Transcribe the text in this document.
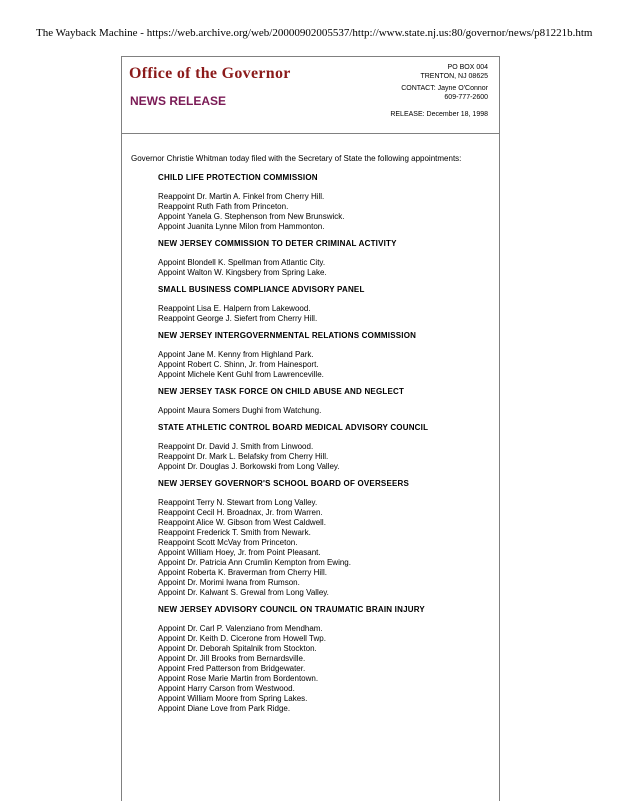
The Wayback Machine - https://web.archive.org/web/20000902005537/http://www.state.nj.us:80/governor/news/p81221b.htm
Office of the Governor
NEWS RELEASE
PO BOX 004
TRENTON, NJ 08625
CONTACT: Jayne O'Connor
609-777-2600
RELEASE: December 18, 1998

Governor Christie Whitman today filed with the Secretary of State the following appointments:

CHILD LIFE PROTECTION COMMISSION
Reappoint Dr. Martin A. Finkel from Cherry Hill.
Reappoint Ruth Fath from Princeton.
Appoint Yanela G. Stephenson from New Brunswick.
Appoint Juanita Lynne Milon from Hammonton.
NEW JERSEY COMMISSION TO DETER CRIMINAL ACTIVITY
Appoint Blondell K. Spellman from Atlantic City.
Appoint Walton W. Kingsbery from Spring Lake.
SMALL BUSINESS COMPLIANCE ADVISORY PANEL
Reappoint Lisa E. Halpern from Lakewood.
Reappoint George J. Siefert from Cherry Hill.
NEW JERSEY INTERGOVERNMENTAL RELATIONS COMMISSION
Appoint Jane M. Kenny from Highland Park.
Appoint Robert C. Shinn, Jr. from Hainesport.
Appoint Michele Kent Guhl from Lawrenceville.
NEW JERSEY TASK FORCE ON CHILD ABUSE AND NEGLECT
Appoint Maura Somers Dughi from Watchung.
STATE ATHLETIC CONTROL BOARD MEDICAL ADVISORY COUNCIL
Reappoint Dr. David J. Smith from Linwood.
Reappoint Dr. Mark L. Belafsky from Cherry Hill.
Appoint Dr. Douglas J. Borkowski from Long Valley.
NEW JERSEY GOVERNOR'S SCHOOL BOARD OF OVERSEERS
Reappoint Terry N. Stewart from Long Valley.
Reappoint Cecil H. Broadnax, Jr. from Warren.
Reappoint Alice W. Gibson from West Caldwell.
Reappoint Frederick T. Smith from Newark.
Reappoint Scott McVay from Princeton.
Appoint William Hoey, Jr. from Point Pleasant.
Appoint Dr. Patricia Ann Crumlin Kempton from Ewing.
Appoint Roberta K. Braverman from Cherry Hill.
Appoint Dr. Morimi Iwana from Rumson.
Appoint Dr. Kalwant S. Grewal from Long Valley.
NEW JERSEY ADVISORY COUNCIL ON TRAUMATIC BRAIN INJURY
Appoint Dr. Carl P. Valenziano from Mendham.
Appoint Dr. Keith D. Cicerone from Howell Twp.
Appoint Dr. Deborah Spitalnik from Stockton.
Appoint Dr. Jill Brooks from Bernardsville.
Appoint Fred Patterson from Bridgewater.
Appoint Rose Marie Martin from Bordentown.
Appoint Harry Carson from Westwood.
Appoint William Moore from Spring Lakes.
Appoint Diane Love from Park Ridge.
